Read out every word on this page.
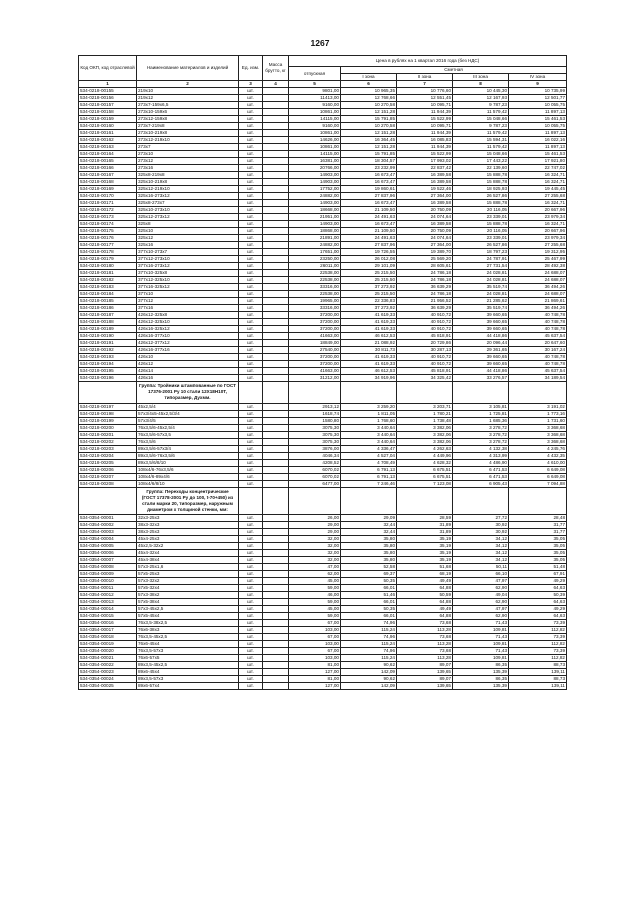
1267
Код ОКП, код отраслевой	Наименование материалов и изделий	Ед. изм.	Масса брутто, кг	Цена в рублях на 1 квартал 2016 года (без НДС)				
				отпускная	Сметная			
					I зона	II зона	III зона	IV зона
1	2	3	4	5	6	7	8	9
534-0218-00155	219x10	шт.		9801,00	10 965,35	10 776,60	10 445,30	10 735,99
534-0218-00156	219x12	шт.		11413,00	12 768,66	12 551,45	12 167,93	12 501,77
534-0218-00157	273x7-159x6,5	шт.		9160,00	10 270,58	10 095,71	9 787,23	10 055,75
534-0218-00158	273x10-159x6	шт.		10861,00	12 151,28	11 944,39	11 579,42	11 897,13
534-0218-00159	273x12-159x8	шт.		14115,00	15 791,85	15 522,99	15 048,66	15 461,53
534-0218-00160	273x7-219x8	шт.		9160,00	10 270,58	10 095,71	9 787,23	10 055,75
534-0218-00161	273x10-219x8	шт.		10861,00	12 151,28	11 944,39	11 579,42	11 897,13
534-0218-00162	273x12-219x10	шт.		14626,00	16 364,45	16 085,83	15 594,31	16 022,16
534-0218-00163	273x7	шт.		10861,00	12 151,28	11 944,39	11 579,42	11 897,13
534-0218-00164	273x10	шт.		14115,00	15 791,85	15 522,99	15 048,66	15 461,53
534-0218-00165	273x12	шт.		16381,00	18 304,57	17 993,02	17 443,22	17 921,80
534-0218-00166	273x16	шт.		20766,00	23 232,99	22 837,42	22 139,60	22 747,02
534-0218-00167	325x8-219x8	шт.		14903,00	16 673,47	16 389,58	15 888,78	16 324,71
534-0218-00168	325x10-219x8	шт.		14903,00	16 673,47	16 389,58	15 888,78	16 324,71
534-0218-00169	325x12-219x10	шт.		17752,00	19 860,61	19 522,46	18 925,93	19 445,45
534-0218-00170	325x16-273x12	шт.		24882,00	27 837,96	27 364,00	26 527,86	27 255,68
534-0218-00171	325x8-273x7	шт.		14903,00	16 673,47	16 389,58	15 888,78	16 324,71
534-0218-00172	325x10-273x10	шт.		18668,00	21 109,50	20 750,09	20 116,05	20 667,96
534-0218-00173	325x12-273x12	шт.		21951,00	24 491,63	24 074,64	23 339,01	23 979,34
534-0218-00174	325x8	шт.		14903,00	16 673,47	16 389,58	15 888,78	16 324,71
534-0218-00175	325x10	шт.		18868,00	21 109,50	20 750,09	20 116,05	20 667,96
534-0218-00176	325x12	шт.		21891,00	24 491,63	24 074,64	23 339,01	23 979,34
534-0218-00177	325x16	шт.		24882,00	27 837,96	27 364,00	26 527,86	27 255,68
534-0218-00178	377x10-273x7	шт.		17651,00	19 726,55	19 389,70	18 797,23	19 312,95
534-0218-00179	377x12-273x10	шт.		23250,00	26 012,08	25 569,20	24 787,91	25 467,99
534-0218-00180	377x16-273x12	шт.		26011,00	29 101,09	28 605,61	27 731,54	28 492,38
534-0218-00181	377x10-325x8	шт.		22538,00	25 215,50	24 786,18	24 028,81	24 688,07
534-0218-00182	377x12-325x10	шт.		22538,00	25 215,50	24 786,18	24 028,81	24 688,07
534-0218-00183	377x16-325x12	шт.		33316,00	37 273,92	36 639,29	35 519,74	36 494,26
534-0218-00184	377x10	шт.		22538,00	25 215,50	24 786,18	24 028,81	24 688,07
534-0218-00185	377x12	шт.		19965,00	22 336,83	21 956,52	21 285,62	21 869,61
534-0218-00186	377x16	шт.		33316,00	37 273,92	36 639,29	35 519,74	36 494,26
534-0218-00187	426x12-325x8	шт.		37200,00	41 619,33	40 910,72	39 660,65	40 748,78
534-0218-00188	426x12-325x10	шт.		37200,00	41 619,33	40 910,72	39 660,65	40 748,78
534-0218-00189	426x16-325x12	шт.		37200,00	41 619,33	40 910,72	39 660,65	40 748,78
534-0218-00190	426x16-377x10	шт.		41663,00	46 612,53	45 818,91	44 418,86	45 637,54
534-0218-00191	426x12-377x12	шт.		18849,00	21 088,92	20 729,86	20 096,44	20 647,60
534-0218-00192	426x16-377x16	шт.		27540,00	30 811,73	30 287,13	29 361,65	30 167,24
534-0218-00193	426x10	шт.		37200,00	41 619,33	40 910,72	39 660,65	40 748,78
534-0218-00194	426x12	шт.		37200,00	41 619,33	40 910,72	39 660,65	40 748,78
534-0218-00195	426x14	шт.		41663,00	46 612,53	45 818,91	44 418,86	45 637,54
534-0218-00196	426x16	шт.		31212,00	34 919,96	34 325,42	33 276,57	34 189,54
	Группа: Тройники штампованные по ГОСТ 17376-2001 Ру 10 стали 12Х18Н10Т, типоразмер, Дуxмм.							
534-0218-00197	45x2,5/4	шт.		2913,12	3 259,20	3 203,71	3 105,81	3 191,02
534-0218-00198	57x3/4x5-45x2,5/3/4	шт.		1618,74	1 811,05	1 780,21	1 725,81	1 773,16
534-0218-00199	57x3/4/5	шт.		1580,80	1 768,60	1 738,48	1 685,36	1 731,60
534-0218-00200	76x3,5/6-45x2,5/4	шт.		3075,30	3 440,64	3 382,06	3 278,72	3 368,68
534-0218-00201	76x3,5/6-57x3,5	шт.		3075,30	3 440,64	3 382,06	3 278,72	3 368,68
534-0218-00202	76x3,5/6	шт.		3075,30	3 440,64	3 382,06	3 278,72	3 368,68
534-0218-00203	89x3,5/6-57x3/4	шт.		3876,00	4 336,47	4 262,63	4 132,38	4 245,76
534-0218-00204	89x3,5/6-76x3,5/6	шт.		4046,34	4 527,04	4 449,96	4 313,99	4 432,35
534-0218-00205	89x3,5/6/8/10	шт.		4208,52	4 708,49	4 628,32	4 486,90	4 610,00
534-0218-00206	108x4/6-76x3,5/6	шт.		6070,02	6 791,13	6 675,51	6 471,53	6 649,08
534-0218-00207	108x4/6-89x4/6	шт.		6070,02	6 791,13	6 675,51	6 471,53	6 649,08
534-0218-00208	108x4/6/8/10	шт.		6477,00	7 246,46	7 123,08	6 905,43	7 094,88
	Группа: Переходы концентрические (ГОСТ 17378-2001 Ру до 100, t-70+450) из стали марки 20, типоразмер, наружным диаметром x толщиной стенки, мм:							
534-0354-00001	32x3-25x3	шт.		26,00	29,09	28,59	27,72	28,48
534-0354-00002	38x3-32x3	шт.		29,00	32,44	31,89	30,92	31,77
534-0354-00003	38x3-25x3	шт.		29,00	32,44	31,89	30,92	31,77
534-0354-00004	45x4-25x3	шт.		32,00	35,80	35,19	34,12	35,05
534-0354-00005	45x2,5-32x2	шт.		32,00	35,80	35,19	34,12	35,05
534-0354-00006	45x4-32x4	шт.		32,00	35,80	35,19	34,12	35,05
534-0354-00007	45x4-38x4	шт.		32,00	35,80	35,19	34,12	35,05
534-0354-00008	57x3-25x1,6	шт.		47,00	52,58	51,68	50,11	51,48
534-0354-00009	57x5-25x3	шт.		62,00	69,37	68,19	66,10	67,91
534-0354-00010	57x3-32x2	шт.		45,00	50,35	49,49	47,97	49,29
534-0354-00011	57x5-32x4	шт.		59,00	66,01	64,88	62,90	64,63
534-0354-00012	57x3-38x2	шт.		46,00	51,46	50,59	49,04	50,39
534-0354-00013	57x5-38x4	шт.		59,00	66,01	64,88	62,90	64,63
534-0354-00014	57x3-45x2,5	шт.		45,00	50,35	49,49	47,97	49,29
534-0354-00015	57x5-45x4	шт.		59,00	66,01	64,88	62,90	64,63
534-0354-00016	76x3,5-38x2,5	шт.		67,00	74,96	73,68	71,43	73,39
534-0354-00017	76x6-38x3	шт.		103,00	115,24	113,28	109,81	112,82
534-0354-00018	76x3,5-45x2,5	шт.		67,00	74,96	73,68	71,43	73,39
534-0354-00019	76x6-45x4	шт.		103,00	115,24	113,28	109,81	112,82
534-0354-00020	76x3,5-57x3	шт.		67,00	74,96	73,68	71,43	73,39
534-0354-00021	76x6-57x5	шт.		103,00	115,24	113,28	109,81	112,82
534-0354-00022	89x3,5-45x2,5	шт.		81,00	90,62	89,07	86,35	88,73
534-0354-00023	89x6-45x4	шт.		127,00	142,09	139,65	135,39	139,11
534-0354-00024	89x3,5-57x3	шт.		81,00	90,62	89,07	86,35	88,73
534-0354-00025	89x6-57x4	шт.		127,00	142,09	139,65	135,39	139,11
